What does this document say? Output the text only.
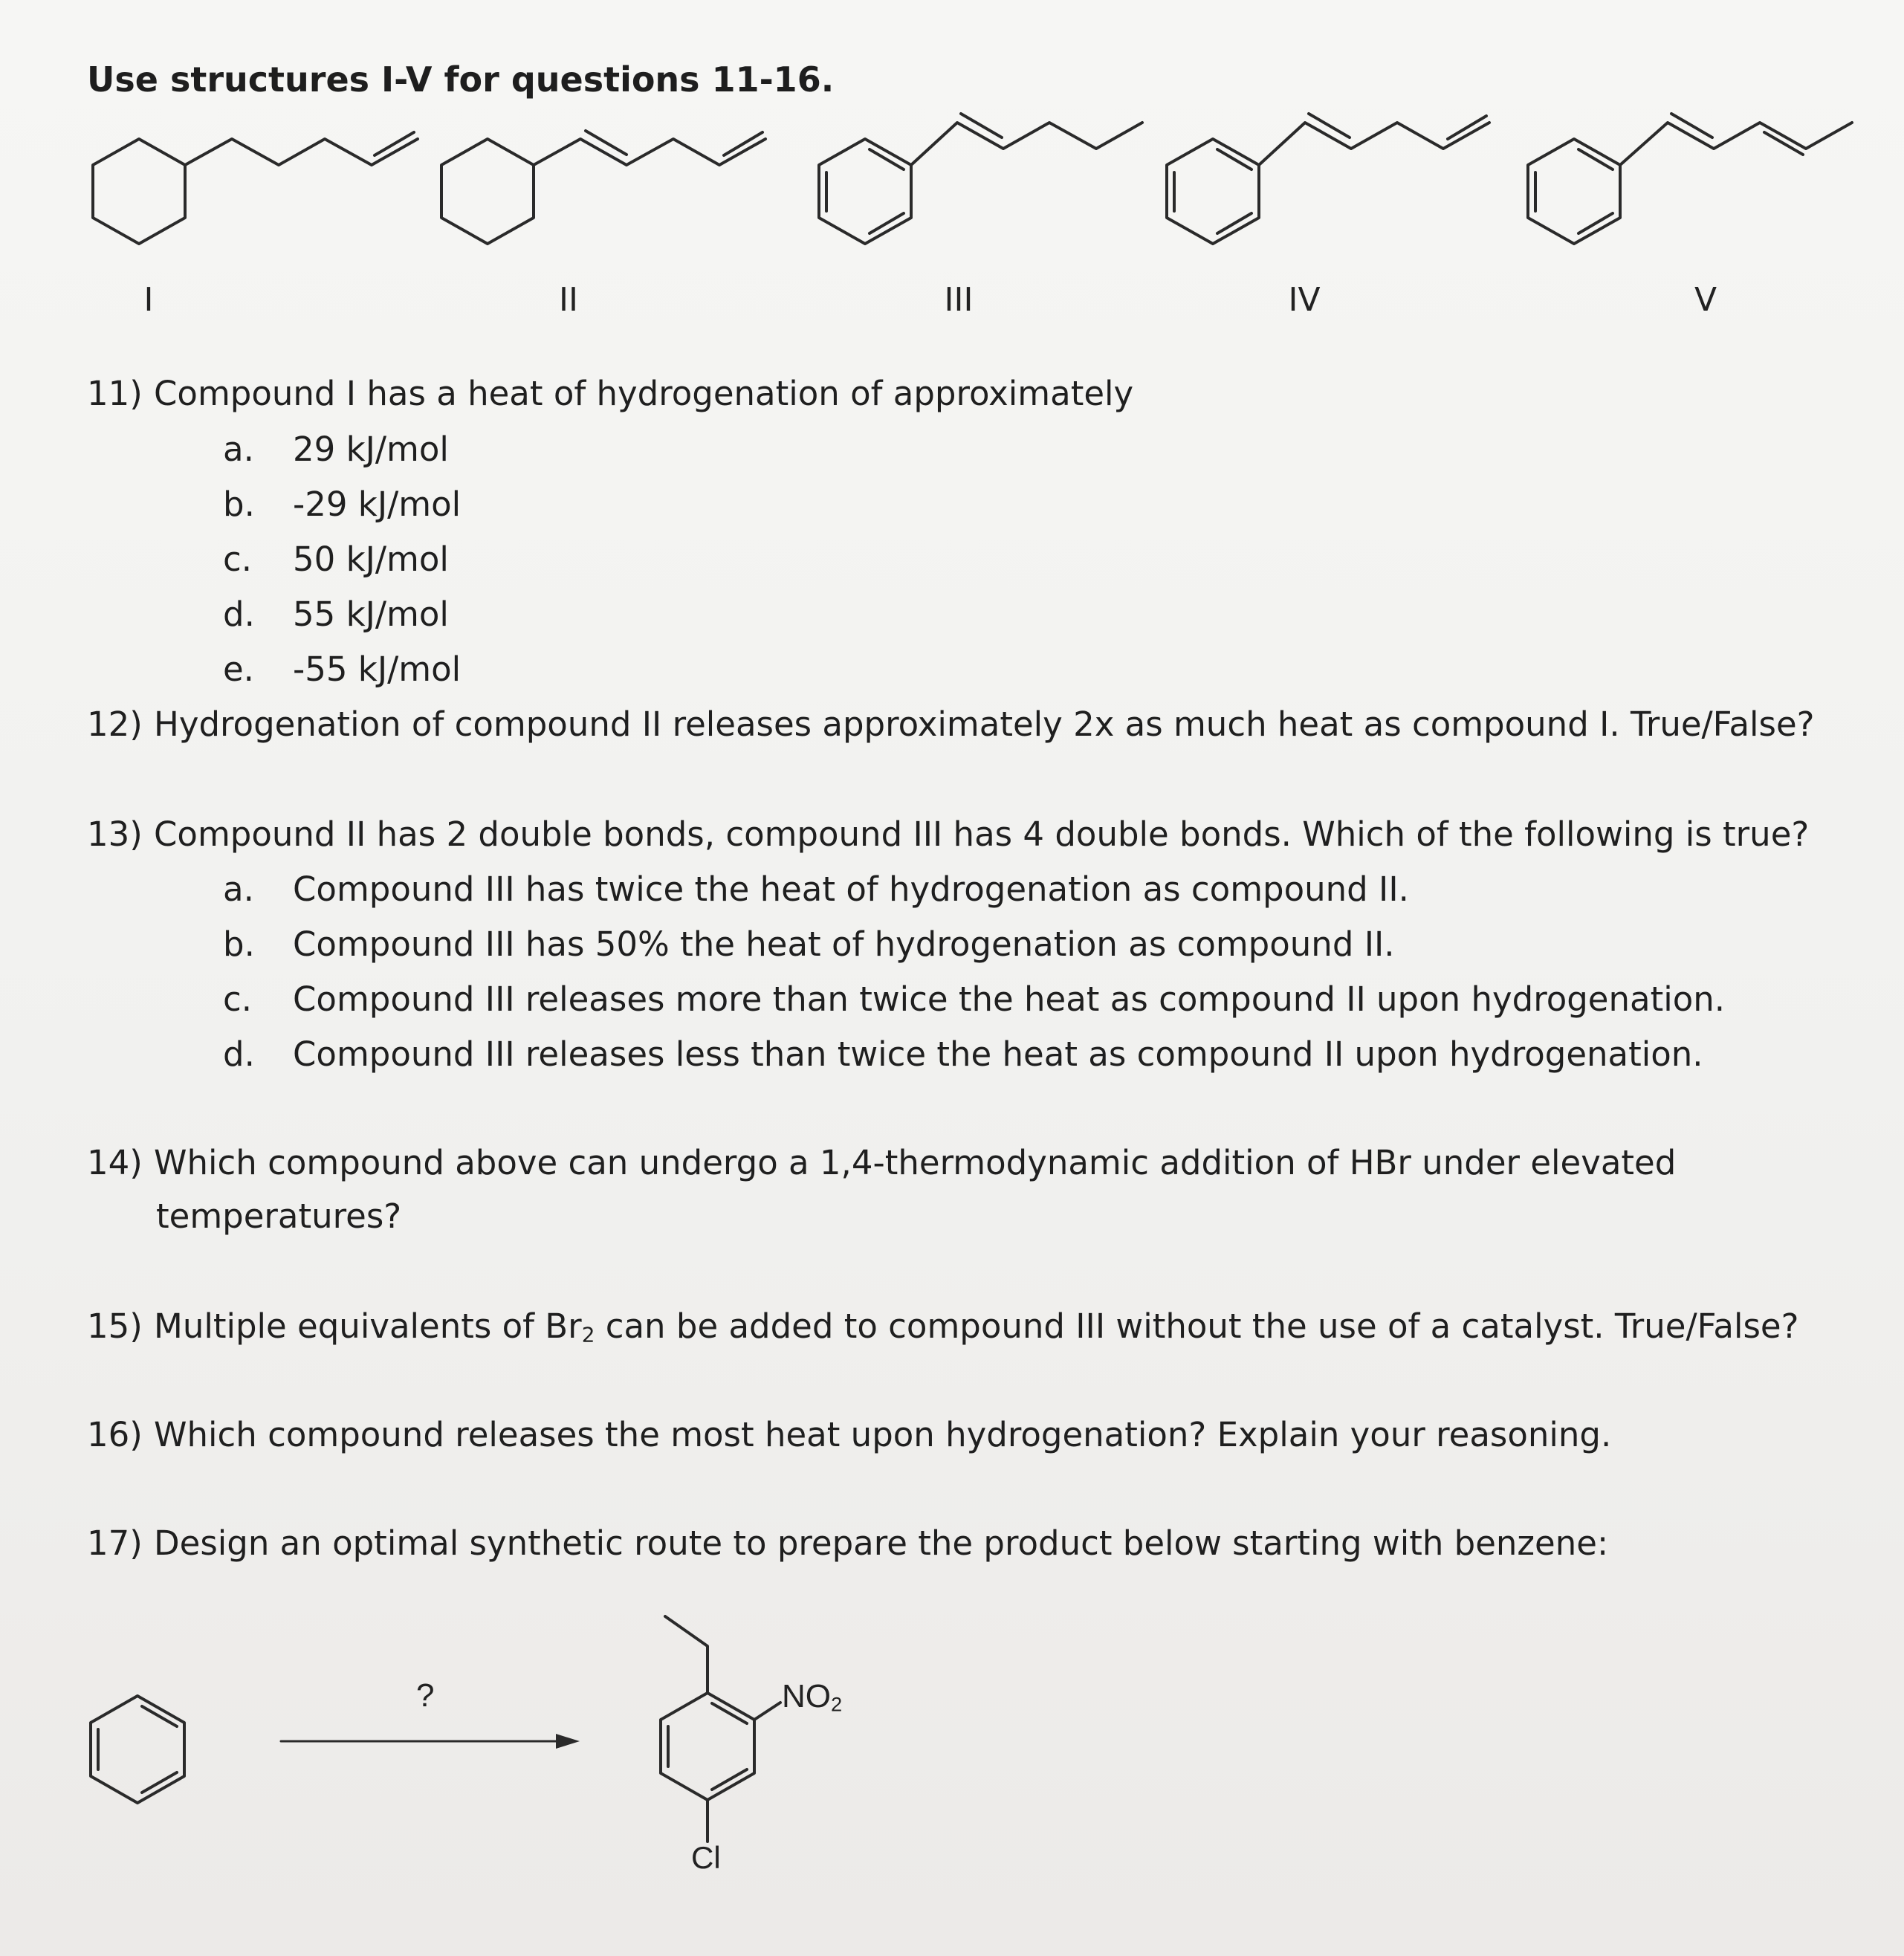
Use structures I-V for questions 11-16.
I	II	III	IV	V
11) Compound I has a heat of hydrogenation of approximately
a. 29 kJ/mol
b. -29 kJ/mol
c. 50 kJ/mol
d. 55 kJ/mol
e. -55 kJ/mol
12) Hydrogenation of compound II releases approximately 2x as much heat as compound I. True/False?
13) Compound II has 2 double bonds, compound III has 4 double bonds. Which of the following is true?
a. Compound III has twice the heat of hydrogenation as compound II.
b. Compound III has 50% the heat of hydrogenation as compound II.
c. Compound III releases more than twice the heat as compound II upon hydrogenation.
d. Compound III releases less than twice the heat as compound II upon hydrogenation.
14) Which compound above can undergo a 1,4-thermodynamic addition of HBr under elevated
temperatures?
15) Multiple equivalents of $Br_2$ can be added to compound III without the use of a catalyst. True/False?
16) Which compound releases the most heat upon hydrogenation? Explain your reasoning.
17) Design an optimal synthetic route to prepare the product below starting with benzene:
?	$NO_2$
Cl
